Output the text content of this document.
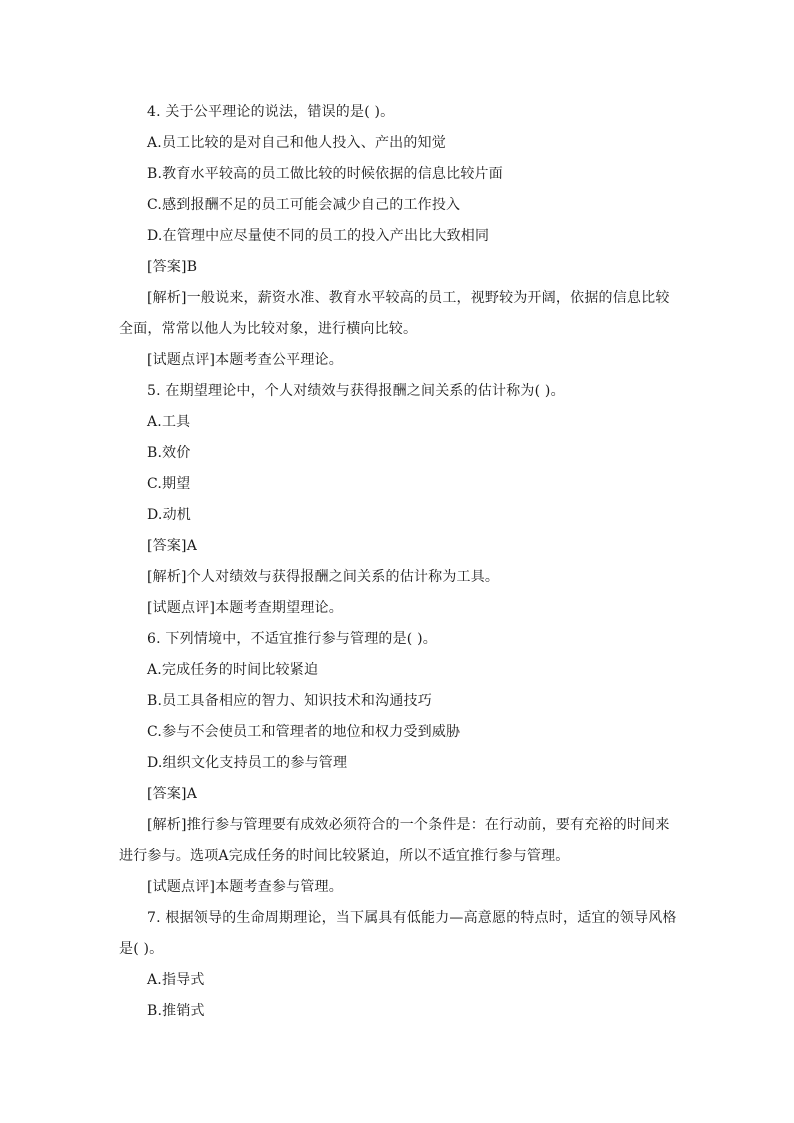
4. 关于公平理论的说法，错误的是( )。
A.员工比较的是对自己和他人投入、产出的知觉
B.教育水平较高的员工做比较的时候依据的信息比较片面
C.感到报酬不足的员工可能会减少自己的工作投入
D.在管理中应尽量使不同的员工的投入产出比大致相同
[答案]B
[解析]一般说来，薪资水准、教育水平较高的员工，视野较为开阔，依据的信息比较
全面，常常以他人为比较对象，进行横向比较。
[试题点评]本题考查公平理论。
5. 在期望理论中，个人对绩效与获得报酬之间关系的估计称为( )。
A.工具
B.效价
C.期望
D.动机
[答案]A
[解析]个人对绩效与获得报酬之间关系的估计称为工具。
[试题点评]本题考查期望理论。
6. 下列情境中，不适宜推行参与管理的是( )。
A.完成任务的时间比较紧迫
B.员工具备相应的智力、知识技术和沟通技巧
C.参与不会使员工和管理者的地位和权力受到威胁
D.组织文化支持员工的参与管理
[答案]A
[解析]推行参与管理要有成效必须符合的一个条件是：在行动前，要有充裕的时间来
进行参与。选项A完成任务的时间比较紧迫，所以不适宜推行参与管理。
[试题点评]本题考查参与管理。
7. 根据领导的生命周期理论，当下属具有低能力—高意愿的特点时，适宜的领导风格
是( )。
A.指导式
B.推销式
